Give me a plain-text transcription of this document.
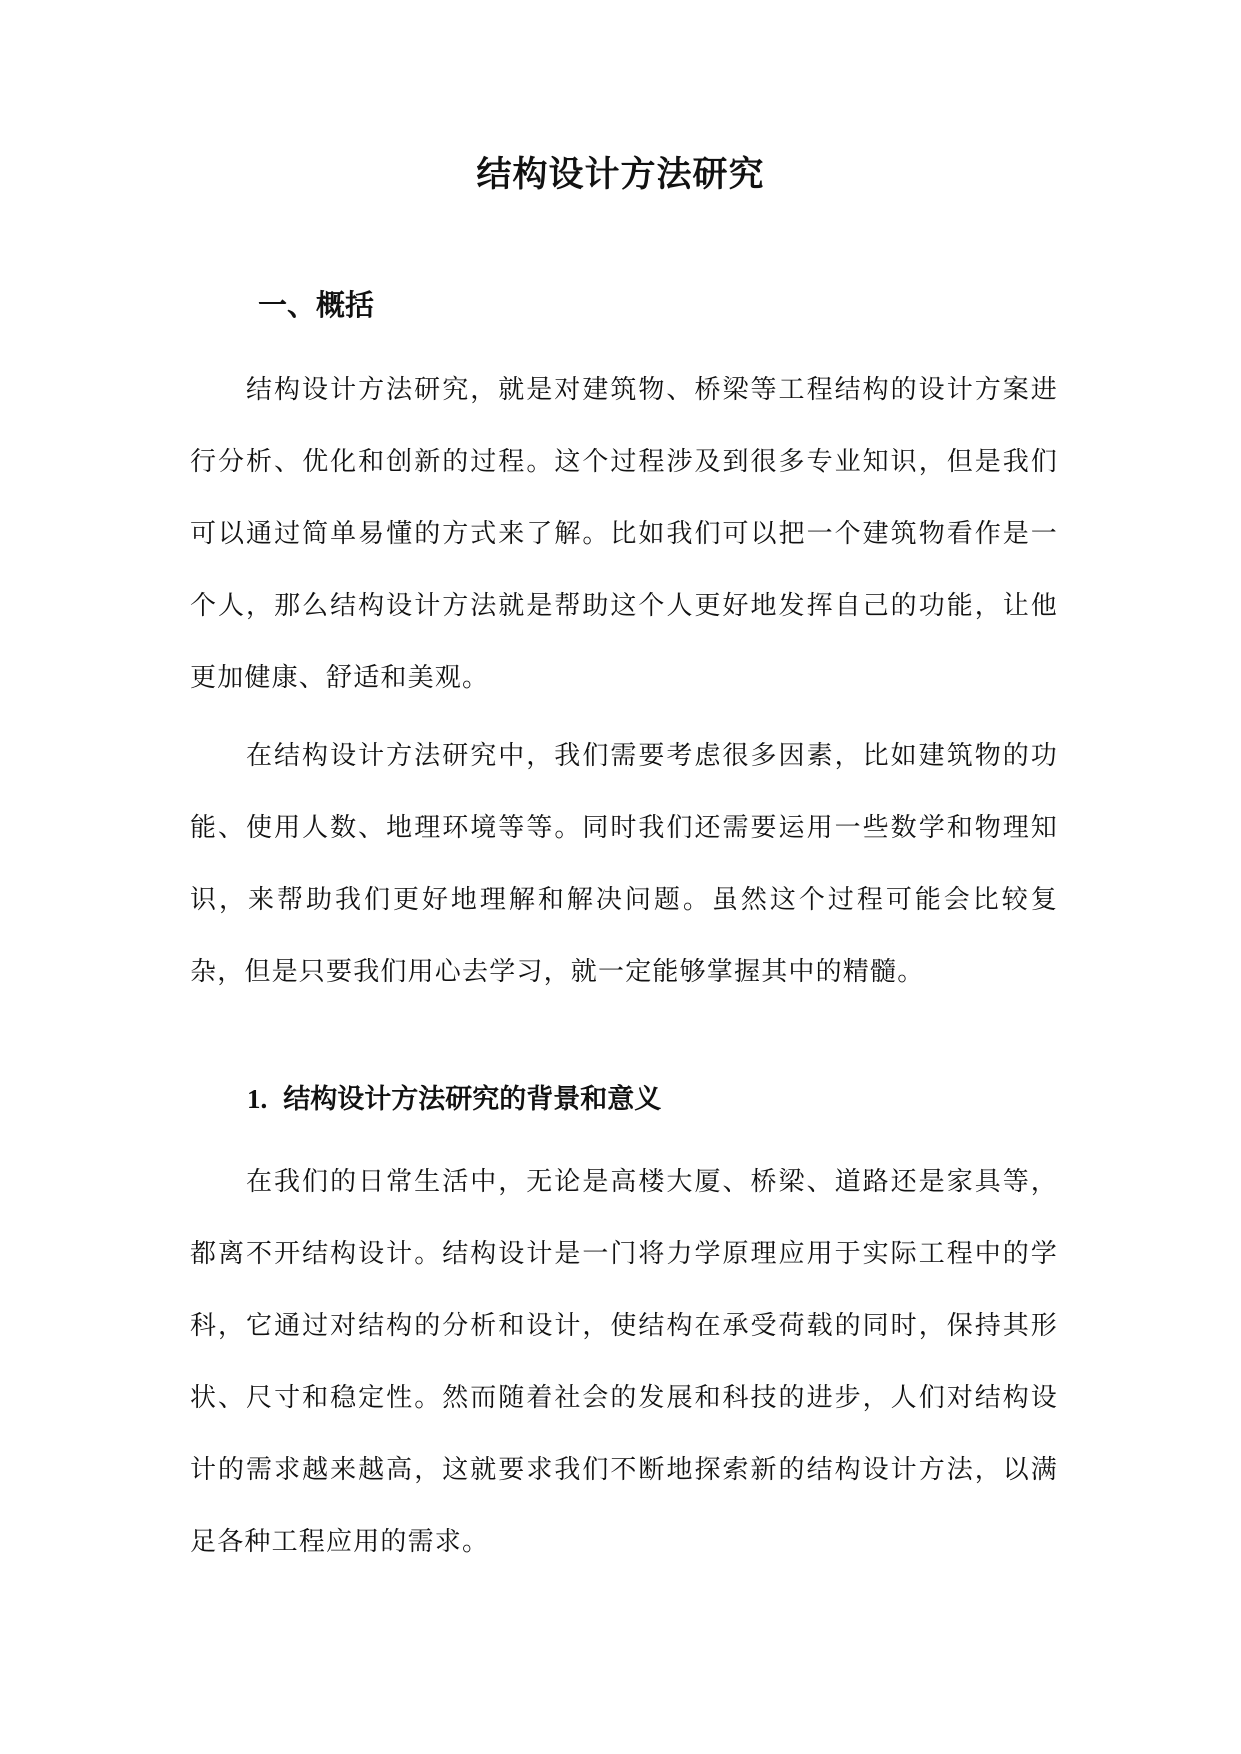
结构设计方法研究
一、概括

结构设计方法研究，就是对建筑物、桥梁等工程结构的设计方案进行分析、优化和创新的过程。这个过程涉及到很多专业知识，但是我们可以通过简单易懂的方式来了解。比如我们可以把一个建筑物看作是一个人，那么结构设计方法就是帮助这个人更好地发挥自己的功能，让他更加健康、舒适和美观。

在结构设计方法研究中，我们需要考虑很多因素，比如建筑物的功能、使用人数、地理环境等等。同时我们还需要运用一些数学和物理知识，来帮助我们更好地理解和解决问题。虽然这个过程可能会比较复杂，但是只要我们用心去学习，就一定能够掌握其中的精髓。

1. 结构设计方法研究的背景和意义

在我们的日常生活中，无论是高楼大厦、桥梁、道路还是家具等，都离不开结构设计。结构设计是一门将力学原理应用于实际工程中的学科，它通过对结构的分析和设计，使结构在承受荷载的同时，保持其形状、尺寸和稳定性。然而随着社会的发展和科技的进步，人们对结构设计的需求越来越高，这就要求我们不断地探索新的结构设计方法，以满足各种工程应用的需求。
